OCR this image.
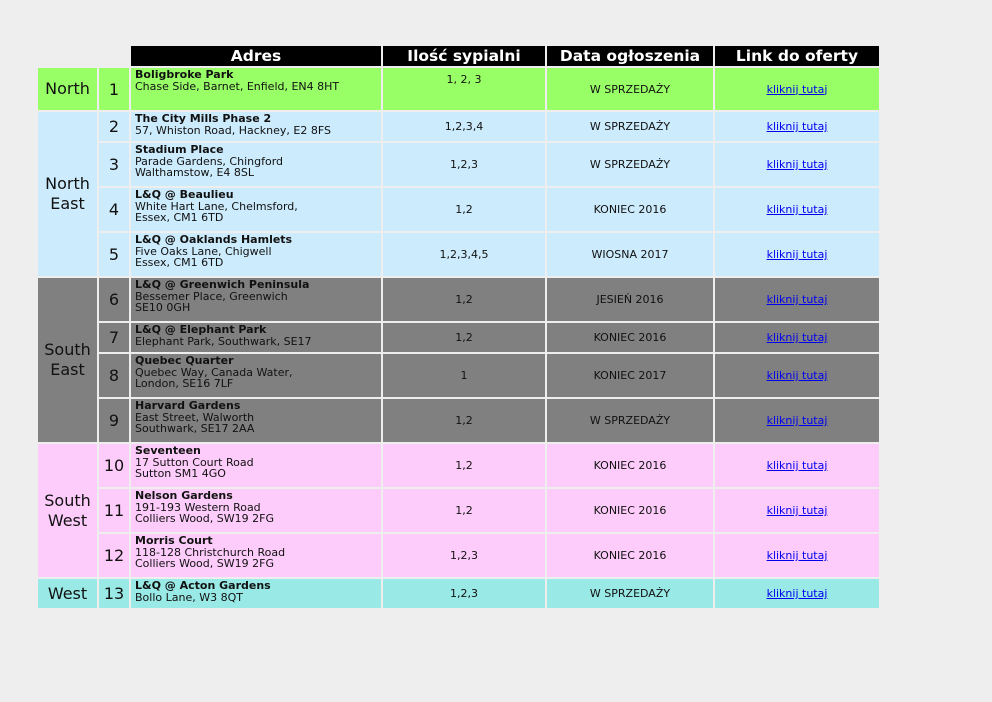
		Adres	Ilość sypialni	Data ogłoszenia	Link do oferty
North	1	Boligbroke Park
Chase Side, Barnet, Enfield, EN4 8HT	1, 2, 3	W SPRZEDAŻY	kliknij tutaj
North East	2	The City Mills Phase 2
57, Whiston Road, Hackney, E2 8FS	1,2,3,4	W SPRZEDAŻY	kliknij tutaj
	3	Stadium Place
Parade Gardens, Chingford
Walthamstow, E4 8SL	1,2,3	W SPRZEDAŻY	kliknij tutaj
	4	L&Q @ Beaulieu
White Hart Lane, Chelmsford,
Essex, CM1 6TD	1,2	KONIEC 2016	kliknij tutaj
	5	L&Q @ Oaklands Hamlets
Five Oaks Lane, Chigwell
Essex, CM1 6TD	1,2,3,4,5	WIOSNA 2017	kliknij tutaj
South East	6	L&Q @ Greenwich Peninsula
Bessemer Place, Greenwich
SE10 0GH	1,2	JESIEŃ 2016	kliknij tutaj
	7	L&Q @ Elephant Park
Elephant Park, Southwark, SE17	1,2	KONIEC 2016	kliknij tutaj
	8	Quebec Quarter
Quebec Way, Canada Water,
London, SE16 7LF	1	KONIEC 2017	kliknij tutaj
	9	Harvard Gardens
East Street, Walworth
Southwark, SE17 2AA	1,2	W SPRZEDAŻY	kliknij tutaj
South West	10	Seventeen
17 Sutton Court Road
Sutton SM1 4GO	1,2	KONIEC 2016	kliknij tutaj
	11	Nelson Gardens
191-193 Western Road
Colliers Wood, SW19 2FG	1,2	KONIEC 2016	kliknij tutaj
	12	Morris Court
118-128 Christchurch Road
Colliers Wood, SW19 2FG	1,2,3	KONIEC 2016	kliknij tutaj
West	13	L&Q @ Acton Gardens
Bollo Lane, W3 8QT	1,2,3	W SPRZEDAŻY	kliknij tutaj
